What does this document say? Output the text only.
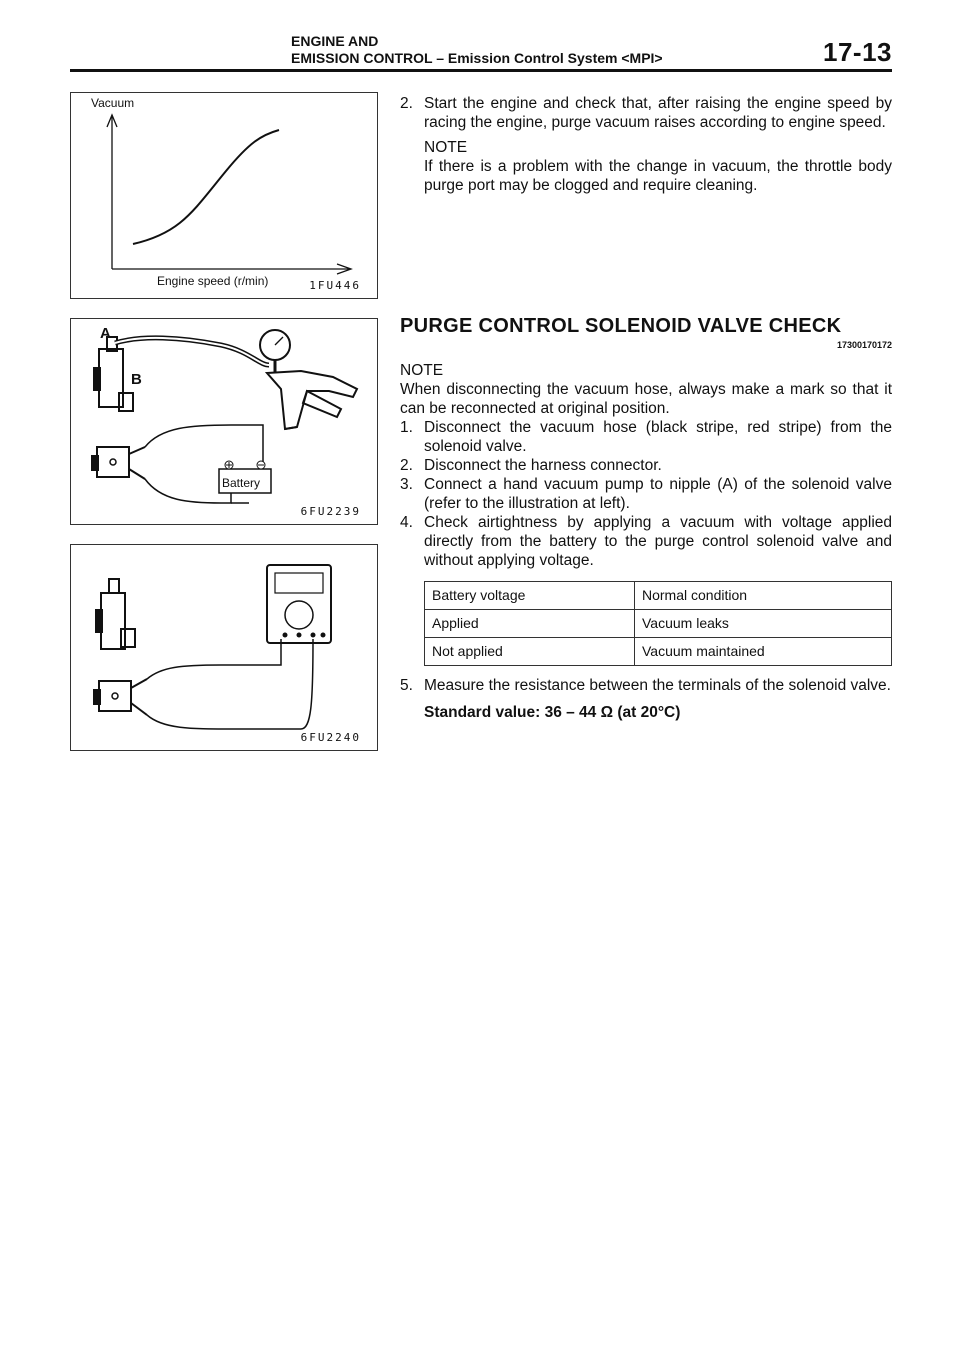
ENGINE AND
EMISSION CONTROL – Emission Control System <MPI>	17-13
Vacuum
Engine speed (r/min)	1FU446
A
B
Battery
6FU2239
6FU2240
2. Start the engine and check that, after raising the engine speed by racing the engine, purge vacuum raises according to engine speed.

NOTE

If there is a problem with the change in vacuum, the throttle body purge port may be clogged and require cleaning.

PURGE CONTROL SOLENOID VALVE CHECK
17300170172

NOTE

When disconnecting the vacuum hose, always make a mark so that it can be reconnected at original position.

1. Disconnect the vacuum hose (black stripe, red stripe) from the solenoid valve.
2. Disconnect the harness connector.
3. Connect a hand vacuum pump to nipple (A) of the solenoid valve (refer to the illustration at left).
4. Check airtightness by applying a vacuum with voltage applied directly from the battery to the purge control solenoid valve and without applying voltage.
Battery voltage	Normal condition
Applied	Vacuum leaks
Not applied	Vacuum maintained
5. Measure the resistance between the terminals of the solenoid valve.

Standard value: 36 – 44 Ω (at 20°C)
